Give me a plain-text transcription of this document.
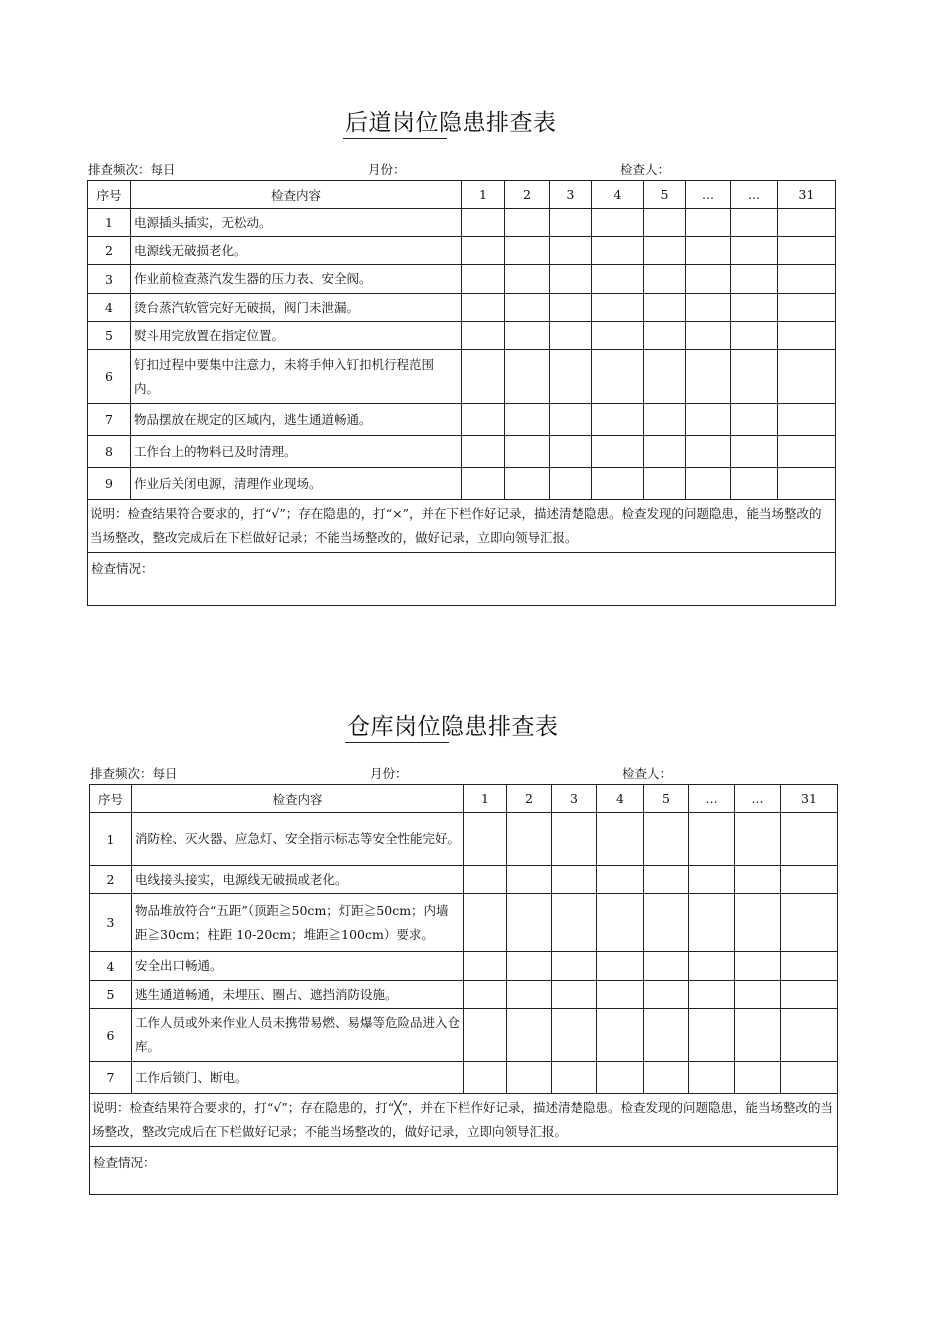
后道岗位隐患排查表
排查频次：每日	月份：	检查人：
序号	检查内容	1	2	3	4	5	...	...	31
1	电源插头插实，无松动。								
2	电源线无破损老化。								
3	作业前检查蒸汽发生器的压力表、安全阀。								
4	烫台蒸汽软管完好无破损，阀门未泄漏。								
5	熨斗用完放置在指定位置。								
6	钉扣过程中要集中注意力，未将手伸入钉扣机行程范围内。								
7	物品摆放在规定的区域内，逃生通道畅通。								
8	工作台上的物料已及时清理。								
9	作业后关闭电源，清理作业现场。								
说明：检查结果符合要求的，打“√”；存在隐患的，打“×”，并在下栏作好记录，描述清楚隐患。检查发现的问题隐患，能当场整改的当场整改，整改完成后在下栏做好记录；不能当场整改的，做好记录，立即向领导汇报。									
检查情况：									
仓库岗位隐患排查表
排查频次：每日	月份：	检查人：
序号	检查内容	1	2	3	4	5	...	...	31
1	消防栓、灭火器、应急灯、安全指示标志等安全性能完好。								
2	电线接头接实，电源线无破损或老化。								
3	物品堆放符合“五距”（顶距≧50cm；灯距≧50cm；内墙距≧30cm；柱距 10-20cm；堆距≧100cm）要求。								
4	安全出口畅通。								
5	逃生通道畅通，未埋压、圈占、遮挡消防设施。								
6	工作人员或外来作业人员未携带易燃、易爆等危险品进入仓库。								
7	工作后锁门、断电。								
说明：检查结果符合要求的，打“√”；存在隐患的，打“╳”，并在下栏作好记录，描述清楚隐患。检查发现的问题隐患，能当场整改的当场整改，整改完成后在下栏做好记录；不能当场整改的，做好记录，立即向领导汇报。									
检查情况：									
